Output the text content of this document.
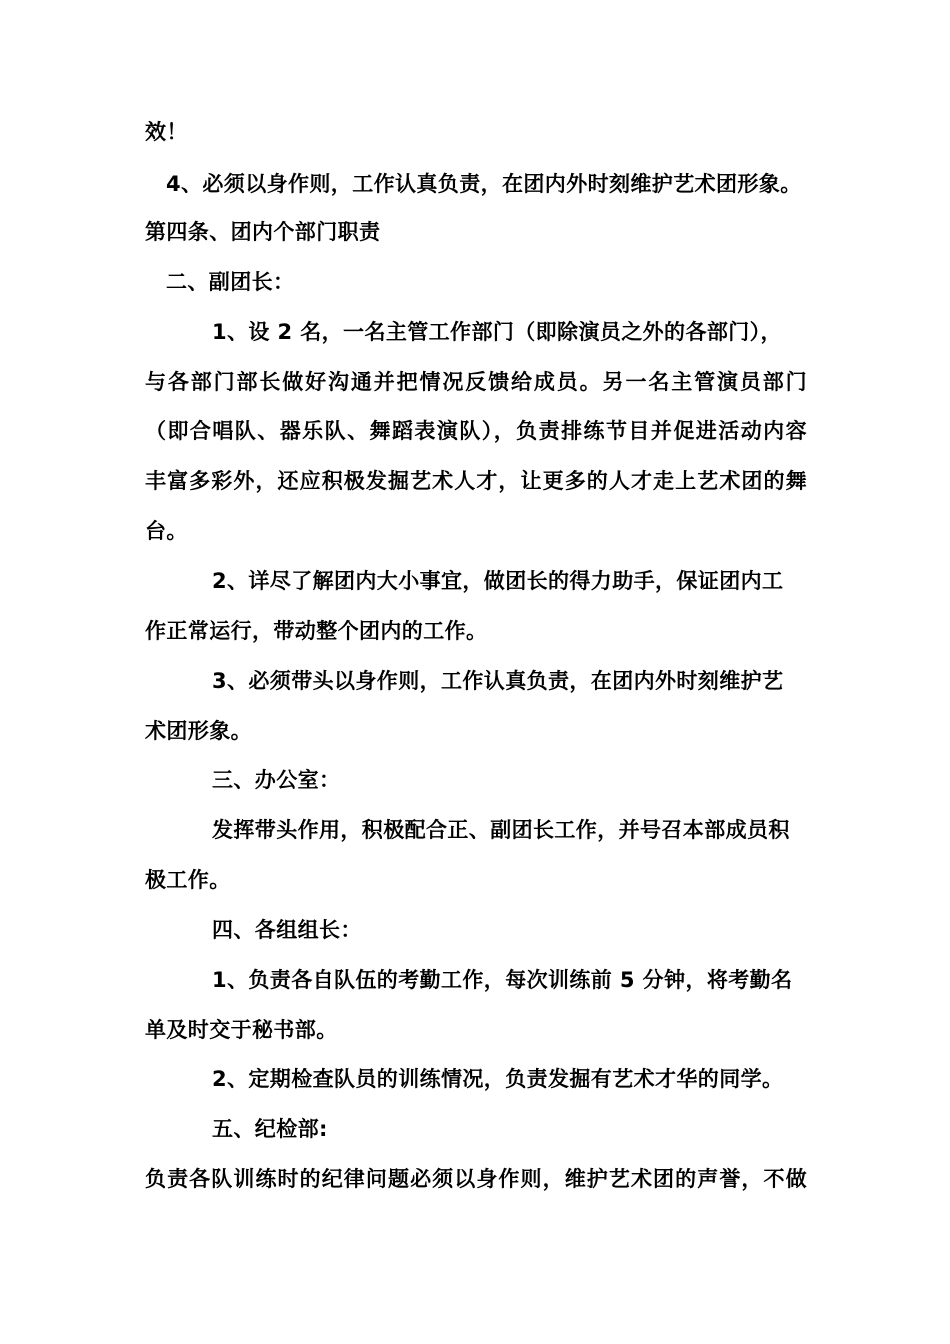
效！
4、必须以身作则，工作认真负责，在团内外时刻维护艺术团形象。
第四条、团内个部门职责
二、副团长：
1、设 2 名，一名主管工作部门（即除演员之外的各部门），
与各部门部长做好沟通并把情况反馈给成员。另一名主管演员部门
（即合唱队、器乐队、舞蹈表演队），负责排练节目并促进活动内容
丰富多彩外，还应积极发掘艺术人才，让更多的人才走上艺术团的舞
台。
2、详尽了解团内大小事宜，做团长的得力助手，保证团内工
作正常运行，带动整个团内的工作。
3、必须带头以身作则，工作认真负责，在团内外时刻维护艺
术团形象。
三、办公室：
发挥带头作用，积极配合正、副团长工作，并号召本部成员积
极工作。
四、各组组长：
1、负责各自队伍的考勤工作，每次训练前 5 分钟，将考勤名
单及时交于秘书部。
2、定期检查队员的训练情况，负责发掘有艺术才华的同学。
五、纪检部:
负责各队训练时的纪律问题必须以身作则，维护艺术团的声誉，不做
